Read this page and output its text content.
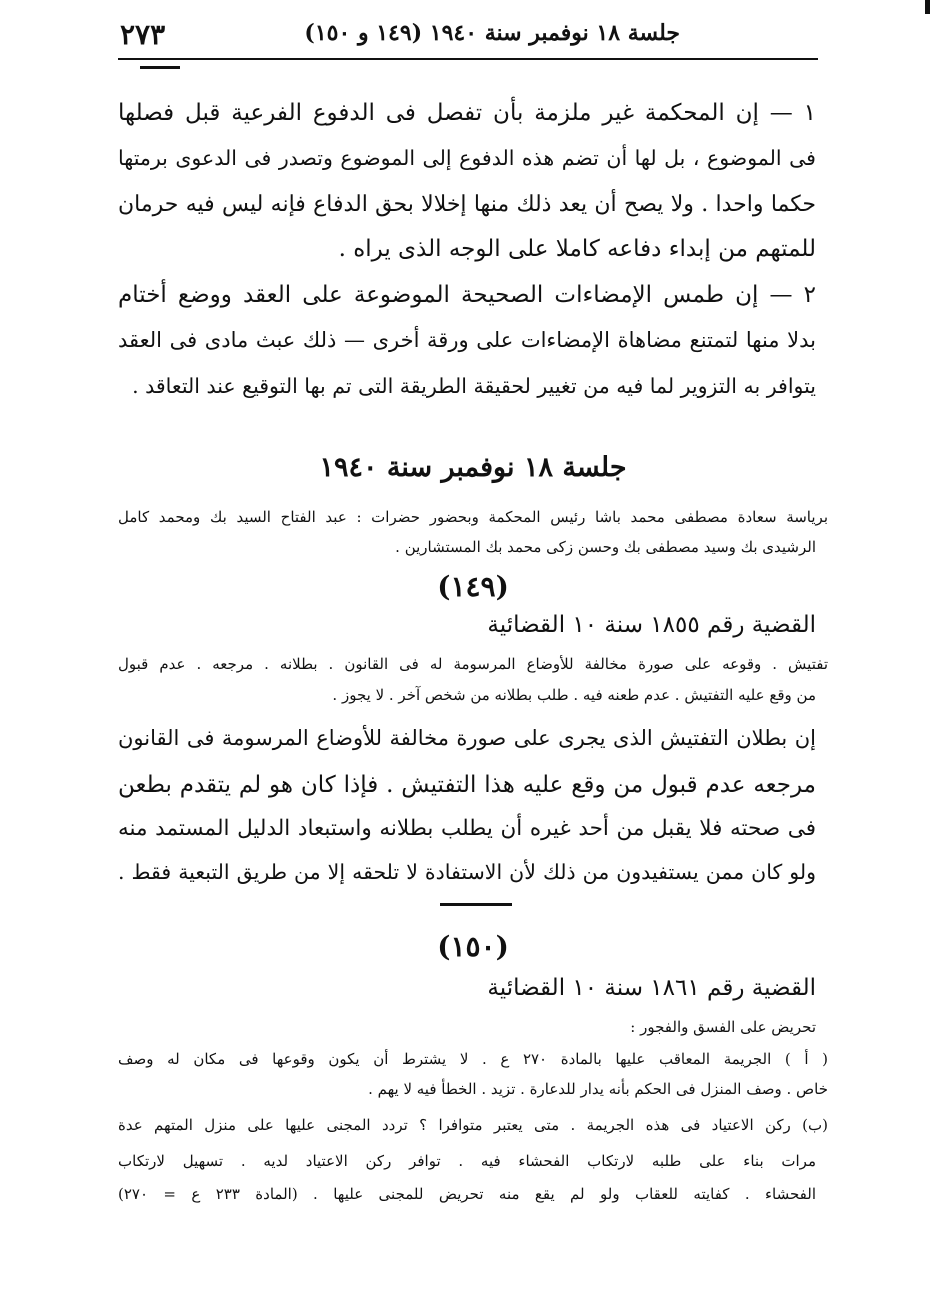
٢٧٣	جلسة ١٨ نوفمبر سنة ١٩٤٠ (١٤٩ و ١٥٠)
١ — إن المحكمة غير ملزمة بأن تفصل فى الدفوع الفرعية قبل فصلها
فى الموضوع ، بل لها أن تضم هذه الدفوع إلى الموضوع وتصدر فى الدعوى برمتها
حكما واحدا . ولا يصح أن يعد ذلك منها إخلالا بحق الدفاع فإنه ليس فيه حرمان
للمتهم من إبداء دفاعه كاملا على الوجه الذى يراه .
٢ — إن طمس الإمضاءات الصحيحة الموضوعة على العقد ووضع أختام
بدلا منها لتمتنع مضاهاة الإمضاءات على ورقة أخرى — ذلك عبث مادى فى العقد
يتوافر به التزوير لما فيه من تغيير لحقيقة الطريقة التى تم بها التوقيع عند التعاقد .
جلسة ١٨ نوفمبر سنة ١٩٤٠
برياسة سعادة مصطفى محمد باشا رئيس المحكمة وبحضور حضرات : عبد الفتاح السيد بك ومحمد كامل
الرشيدى بك وسيد مصطفى بك وحسن زكى محمد بك المستشارين .
(١٤٩)
القضية رقم ١٨٥٥ سنة ١٠ القضائية
تفتيش . وقوعه على صورة مخالفة للأوضاع المرسومة له فى القانون . بطلانه . مرجعه . عدم قبول
من وقع عليه التفتيش . عدم طعنه فيه . طلب بطلانه من شخص آخر . لا يجوز .
إن بطلان التفتيش الذى يجرى على صورة مخالفة للأوضاع المرسومة فى القانون
مرجعه عدم قبول من وقع عليه هذا التفتيش . فإذا كان هو لم يتقدم بطعن
فى صحته فلا يقبل من أحد غيره أن يطلب بطلانه واستبعاد الدليل المستمد منه
ولو كان ممن يستفيدون من ذلك لأن الاستفادة لا تلحقه إلا من طريق التبعية فقط .
(١٥٠)
القضية رقم ١٨٦١ سنة ١٠ القضائية
تحريض على الفسق والفجور :
( أ ) الجريمة المعاقب عليها بالمادة ٢٧٠ ع . لا يشترط أن يكون وقوعها فى مكان له وصف
خاص . وصف المنزل فى الحكم بأنه يدار للدعارة . تزيد . الخطأ فيه لا يهم .
(ب) ركن الاعتياد فى هذه الجريمة . متى يعتبر متوافرا ؟ تردد المجنى عليها على منزل المتهم عدة
مرات بناء على طلبه لارتكاب الفحشاء فيه . توافر ركن الاعتياد لديه . تسهيل لارتكاب
الفحشاء . كفايته للعقاب ولو لم يقع منه تحريض للمجنى عليها . (المادة ٢٣٣ ع = ٢٧٠)
